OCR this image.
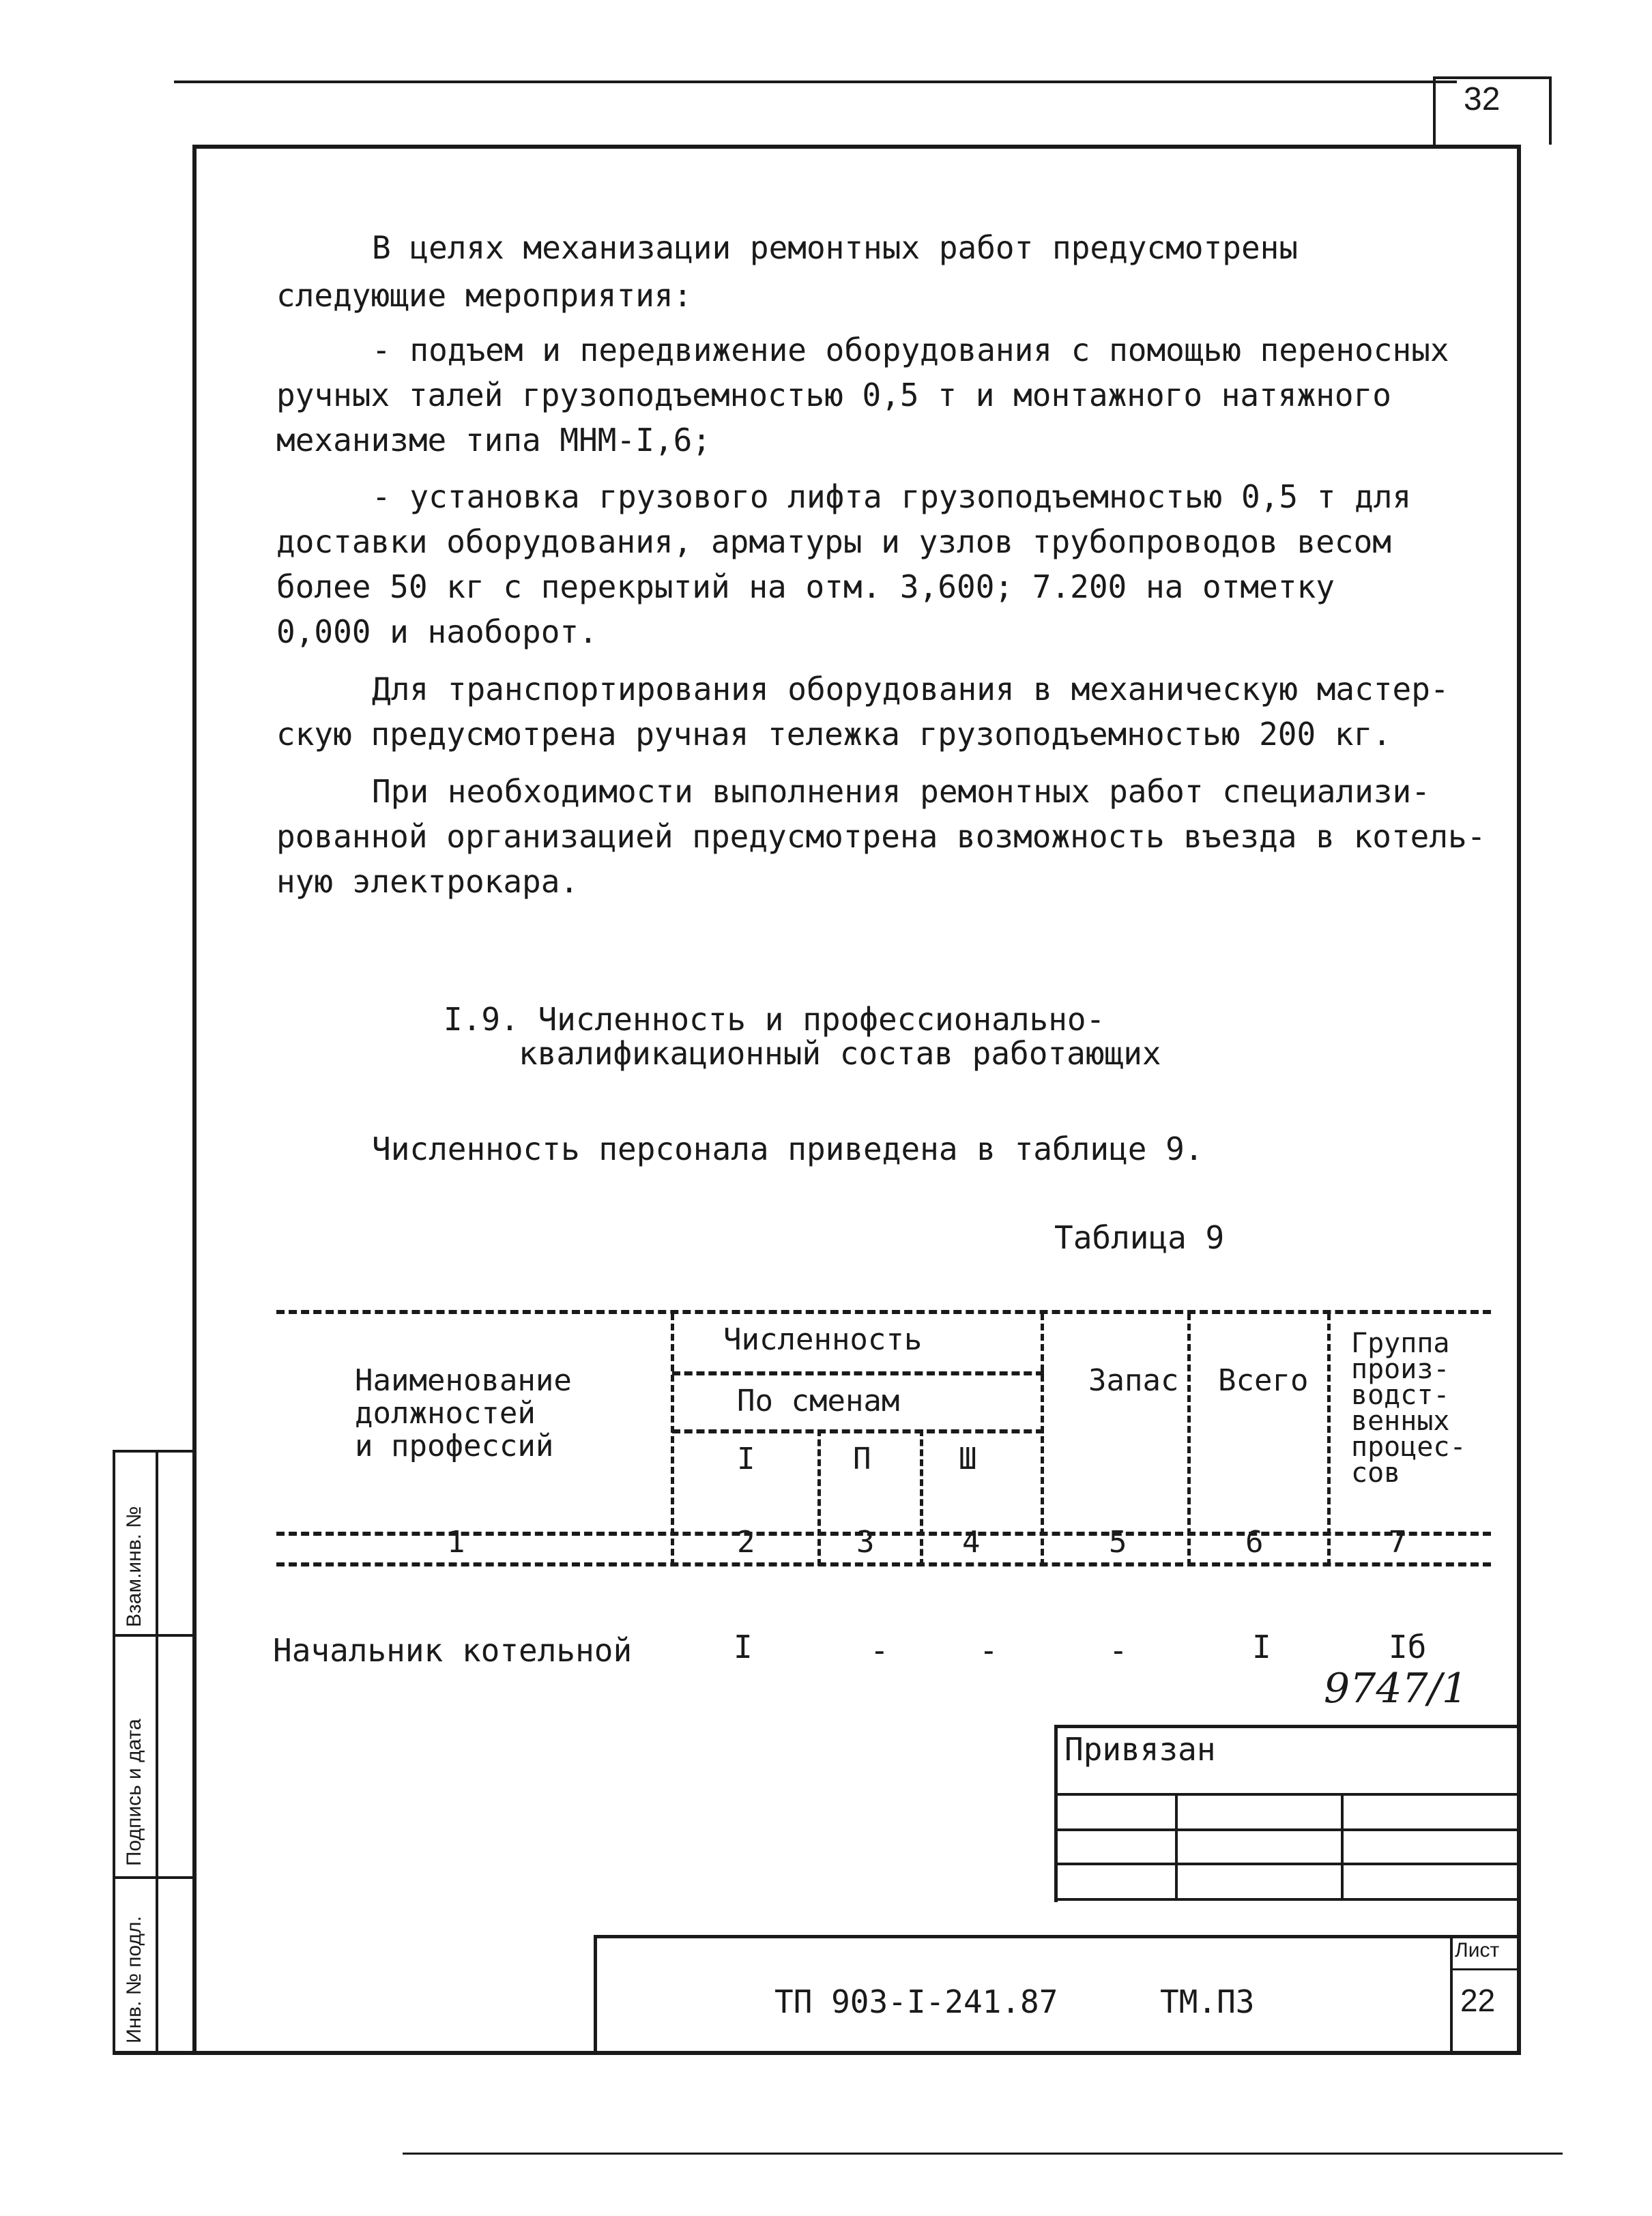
32
В целях механизации ремонтных работ предусмотрены
следующие мероприятия:
- подъем и передвижение оборудования с помощью переносных
ручных талей грузоподъемностью 0,5 т и монтажного натяжного
механизме типа МНМ-I,6;
- установка грузового лифта грузоподъемностью 0,5 т для
доставки оборудования, арматуры и узлов трубопроводов весом
более 50 кг с перекрытий на отм. 3,600; 7.200 на отметку
0,000 и наоборот.
Для транспортирования оборудования в механическую мастер-
скую предусмотрена ручная тележка грузоподъемностью 200 кг.
При необходимости выполнения ремонтных работ специализи-
рованной организацией предусмотрена возможность въезда в котель-
ную электрокара.
I.9. Численность и профессионально-
квалификационный состав работающих
Численность персонала приведена в таблице 9.
Таблица 9
Наименование
должностей
и профессий
Численность
По сменам
I	П	Ш
Запас Всего
Группа
произ-
водст-
венных
процес-
сов
1	2	3	4	5	6	7
Начальник котельной	I	-	-	-	I	Iб
9747/1
Привязан
ТП 903-I-241.87	ТМ.ПЗ
Лист
22
Взам.инв. №
Подпись и дата
Инв. № подл.
